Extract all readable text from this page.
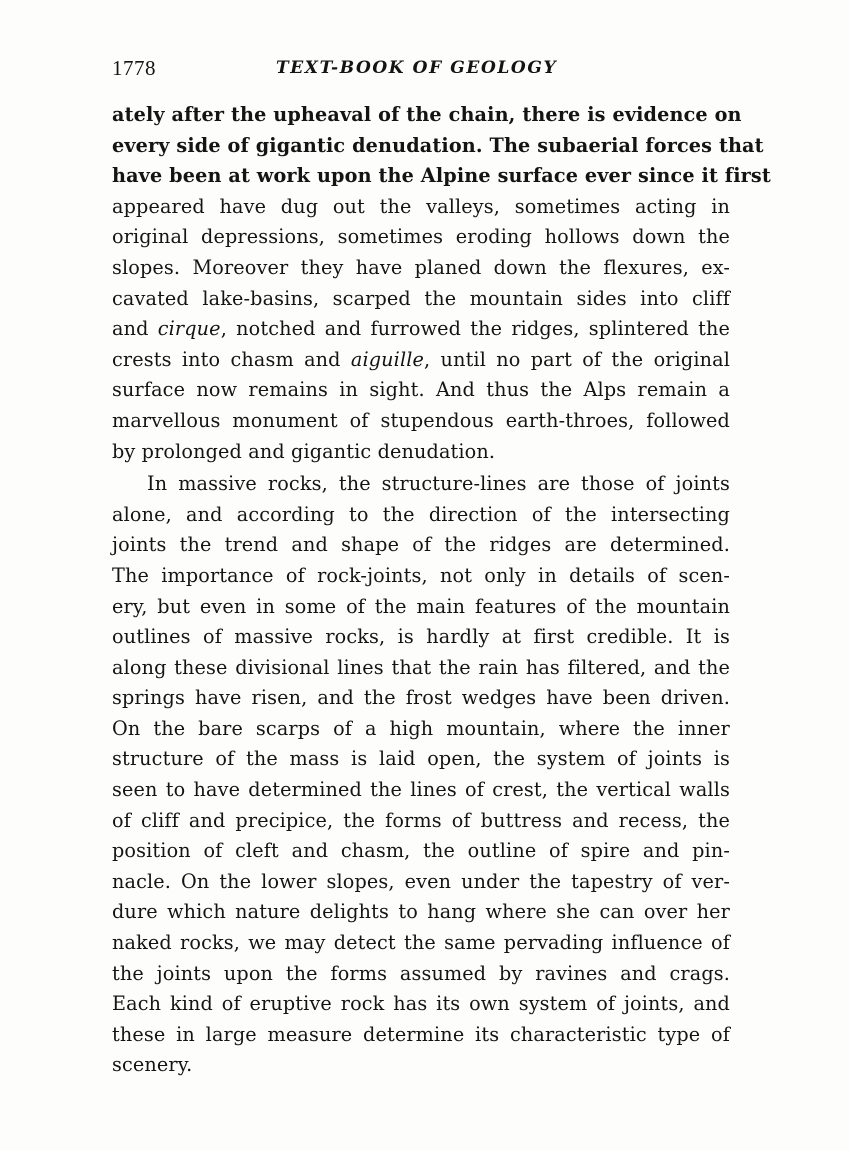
1778	TEXT-BOOK OF GEOLOGY
ately after the upheaval of the chain, there is evidence on
every side of gigantic denudation. The subaerial forces that
have been at work upon the Alpine surface ever since it first
appeared have dug out the valleys, sometimes acting in
original depressions, sometimes eroding hollows down the
slopes. Moreover they have planed down the flexures, ex-
cavated lake-basins, scarped the mountain sides into cliff
and cirque, notched and furrowed the ridges, splintered the
crests into chasm and aiguille, until no part of the original
surface now remains in sight. And thus the Alps remain a
marvellous monument of stupendous earth-throes, followed
by prolonged and gigantic denudation.
In massive rocks, the structure-lines are those of joints
alone, and according to the direction of the intersecting
joints the trend and shape of the ridges are determined.
The importance of rock-joints, not only in details of scen-
ery, but even in some of the main features of the mountain
outlines of massive rocks, is hardly at first credible. It is
along these divisional lines that the rain has filtered, and the
springs have risen, and the frost wedges have been driven.
On the bare scarps of a high mountain, where the inner
structure of the mass is laid open, the system of joints is
seen to have determined the lines of crest, the vertical walls
of cliff and precipice, the forms of buttress and recess, the
position of cleft and chasm, the outline of spire and pin-
nacle. On the lower slopes, even under the tapestry of ver-
dure which nature delights to hang where she can over her
naked rocks, we may detect the same pervading influence of
the joints upon the forms assumed by ravines and crags.
Each kind of eruptive rock has its own system of joints, and
these in large measure determine its characteristic type of
scenery.
